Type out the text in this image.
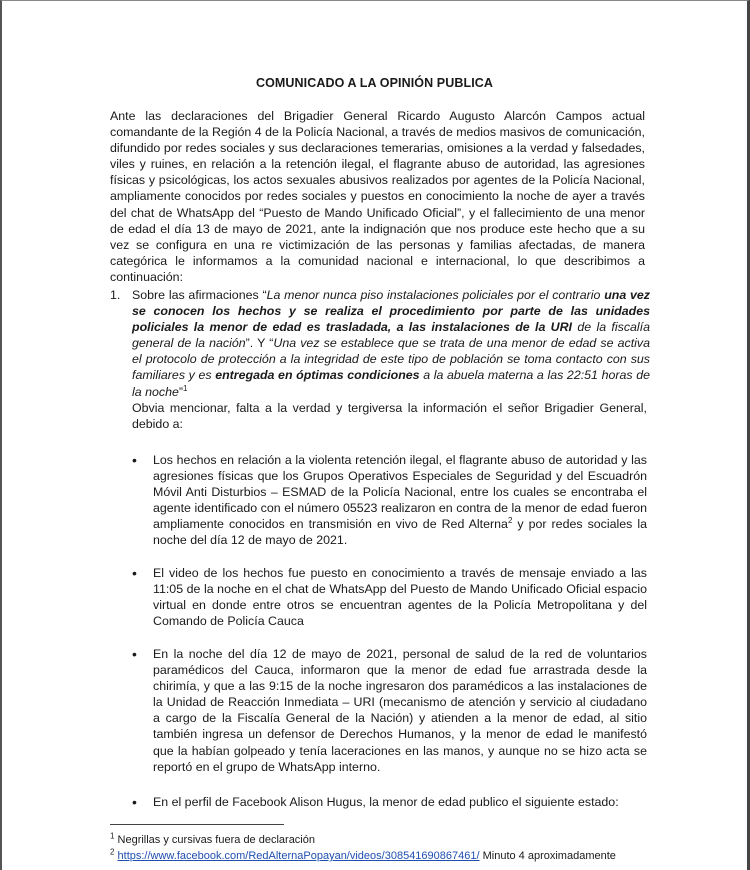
COMUNICADO A LA OPINIÓN PUBLICA
Ante las declaraciones del Brigadier General Ricardo Augusto Alarcón Campos actual comandante de la Región 4 de la Policía Nacional, a través de medios masivos de comunicación, difundido por redes sociales y sus declaraciones temerarias, omisiones a la verdad y falsedades, viles y ruines, en relación a la retención ilegal, el flagrante abuso de autoridad, las agresiones físicas y psicológicas, los actos sexuales abusivos realizados por agentes de la Policía Nacional, ampliamente conocidos por redes sociales y puestos en conocimiento la noche de ayer a través del chat de WhatsApp del “Puesto de Mando Unificado Oficial”, y el fallecimiento de una menor de edad el día 13 de mayo de 2021, ante la indignación que nos produce este hecho que a su vez se configura en una re victimización de las personas y familias afectadas, de manera categórica le informamos a la comunidad nacional e internacional, lo que describimos a continuación:
1. Sobre las afirmaciones “La menor nunca piso instalaciones policiales por el contrario una vez se conocen los hechos y se realiza el procedimiento por parte de las unidades policiales la menor de edad es trasladada, a las instalaciones de la URI de la fiscalía general de la nación”. Y “Una vez se establece que se trata de una menor de edad se activa el protocolo de protección a la integridad de este tipo de población se toma contacto con sus familiares y es entregada en óptimas condiciones a la abuela materna a las 22:51 horas de la noche”$^1$
Obvia mencionar, falta a la verdad y tergiversa la información el señor Brigadier General, debido a:
• Los hechos en relación a la violenta retención ilegal, el flagrante abuso de autoridad y las agresiones físicas que los Grupos Operativos Especiales de Seguridad y del Escuadrón Móvil Anti Disturbios – ESMAD de la Policía Nacional, entre los cuales se encontraba el agente identificado con el número 05523 realizaron en contra de la menor de edad fueron ampliamente conocidos en transmisión en vivo de Red Alterna$^2$ y por redes sociales la noche del día 12 de mayo de 2021.
• El video de los hechos fue puesto en conocimiento a través de mensaje enviado a las 11:05 de la noche en el chat de WhatsApp del Puesto de Mando Unificado Oficial espacio virtual en donde entre otros se encuentran agentes de la Policía Metropolitana y del Comando de Policía Cauca
• En la noche del día 12 de mayo de 2021, personal de salud de la red de voluntarios paramédicos del Cauca, informaron que la menor de edad fue arrastrada desde la chirimía, y que a las 9:15 de la noche ingresaron dos paramédicos a las instalaciones de la Unidad de Reacción Inmediata – URI (mecanismo de atención y servicio al ciudadano a cargo de la Fiscalía General de la Nación) y atienden a la menor de edad, al sitio también ingresa un defensor de Derechos Humanos, y la menor de edad le manifestó que la habían golpeado y tenía laceraciones en las manos, y aunque no se hizo acta se reportó en el grupo de WhatsApp interno.
• En el perfil de Facebook Alison Hugus, la menor de edad publico el siguiente estado:
$^1$ Negrillas y cursivas fuera de declaración
$^2$ https://www.facebook.com/RedAlternaPopayan/videos/308541690867461/ Minuto 4 aproximadamente
